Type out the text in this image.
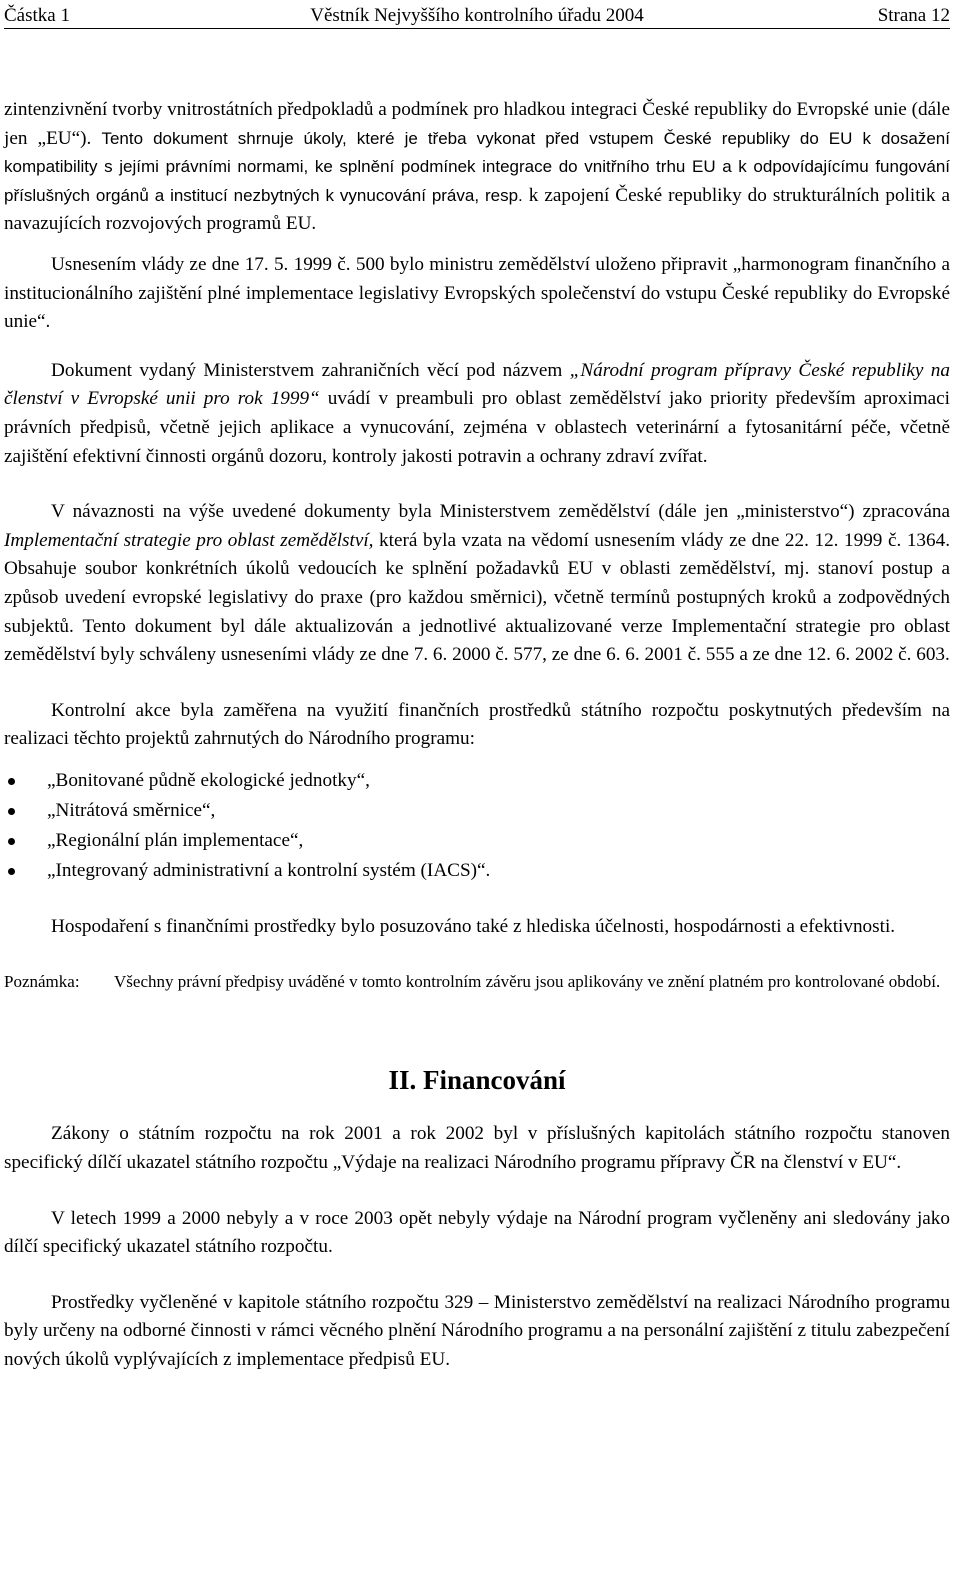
Částka 1	Věstník Nejvyššího kontrolního úřadu 2004	Strana 12

zintenzivnění tvorby vnitrostátních předpokladů a podmínek pro hladkou integraci České republiky do Evropské unie (dále jen „EU“). Tento dokument shrnuje úkoly, které je třeba vykonat před vstupem České republiky do EU k dosažení kompatibility s jejími právními normami, ke splnění podmínek integrace do vnitřního trhu EU a k odpovídajícímu fungování příslušných orgánů a institucí nezbytných k vynucování práva, resp. k zapojení České republiky do strukturálních politik a navazujících rozvojových programů EU.

Usnesením vlády ze dne 17. 5. 1999 č. 500 bylo ministru zemědělství uloženo připravit „harmonogram finančního a institucionálního zajištění plné implementace legislativy Evropských společenství do vstupu České republiky do Evropské unie“.

Dokument vydaný Ministerstvem zahraničních věcí pod názvem „Národní program přípravy České republiky na členství v Evropské unii pro rok 1999“ uvádí v preambuli pro oblast zemědělství jako priority především aproximaci právních předpisů, včetně jejich aplikace a vynucování, zejména v oblastech veterinární a fytosanitární péče, včetně zajištění efektivní činnosti orgánů dozoru, kontroly jakosti potravin a ochrany zdraví zvířat.

V návaznosti na výše uvedené dokumenty byla Ministerstvem zemědělství (dále jen „ministerstvo“) zpracována Implementační strategie pro oblast zemědělství, která byla vzata na vědomí usnesením vlády ze dne 22. 12. 1999 č. 1364. Obsahuje soubor konkrétních úkolů vedoucích ke splnění požadavků EU v oblasti zemědělství, mj. stanoví postup a způsob uvedení evropské legislativy do praxe (pro každou směrnici), včetně termínů postupných kroků a zodpovědných subjektů. Tento dokument byl dále aktualizován a jednotlivé aktualizované verze Implementační strategie pro oblast zemědělství byly schváleny usneseními vlády ze dne 7. 6. 2000 č. 577, ze dne 6. 6. 2001 č. 555 a ze dne 12. 6. 2002 č. 603.

Kontrolní akce byla zaměřena na využití finančních prostředků státního rozpočtu poskytnutých především na realizaci těchto projektů zahrnutých do Národního programu:

„Bonitované půdně ekologické jednotky“,
„Nitrátová směrnice“,
„Regionální plán implementace“,
„Integrovaný administrativní a kontrolní systém (IACS)“.

Hospodaření s finančními prostředky bylo posuzováno také z hlediska účelnosti, hospodárnosti a efektivnosti.

Poznámka: Všechny právní předpisy uváděné v tomto kontrolním závěru jsou aplikovány ve znění platném pro kontrolované období.
II. Financování

Zákony o státním rozpočtu na rok 2001 a rok 2002 byl v příslušných kapitolách státního rozpočtu stanoven specifický dílčí ukazatel státního rozpočtu „Výdaje na realizaci Národního programu přípravy ČR na členství v EU“.

V letech 1999 a 2000 nebyly a v roce 2003 opět nebyly výdaje na Národní program vyčleněny ani sledovány jako dílčí specifický ukazatel státního rozpočtu.

Prostředky vyčleněné v kapitole státního rozpočtu 329 – Ministerstvo zemědělství na realizaci Národního programu byly určeny na odborné činnosti v rámci věcného plnění Národního programu a na personální zajištění z titulu zabezpečení nových úkolů vyplývajících z implementace předpisů EU.
